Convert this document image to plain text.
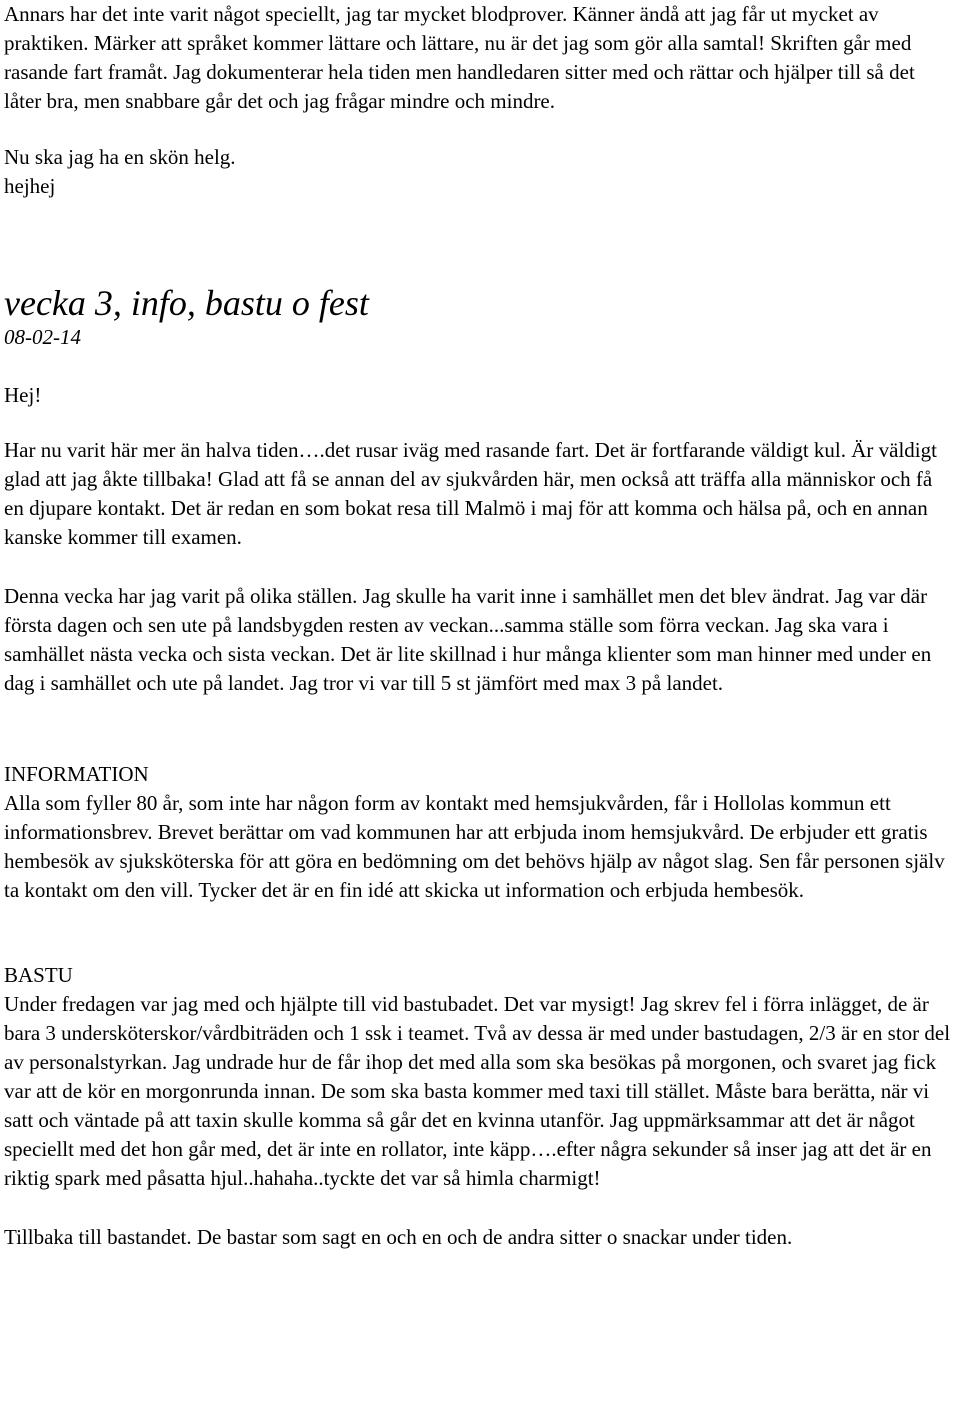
Annars har det inte varit något speciellt, jag tar mycket blodprover. Känner ändå att jag får ut mycket av praktiken. Märker att språket kommer lättare och lättare, nu är det jag som gör alla samtal! Skriften går med rasande fart framåt. Jag dokumenterar hela tiden men handledaren sitter med och rättar och hjälper till så det låter bra, men snabbare går det och jag frågar mindre och mindre.

Nu ska jag ha en skön helg.

hejhej

vecka 3, info, bastu o fest

08-02-14

Hej!

Har nu varit här mer än halva tiden….det rusar iväg med rasande fart. Det är fortfarande väldigt kul. Är väldigt glad att jag åkte tillbaka! Glad att få se annan del av sjukvården här, men också att träffa alla människor och få en djupare kontakt. Det är redan en som bokat resa till Malmö i maj för att komma och hälsa på, och en annan kanske kommer till examen.

Denna vecka har jag varit på olika ställen. Jag skulle ha varit inne i samhället men det blev ändrat. Jag var där första dagen och sen ute på landsbygden resten av veckan...samma ställe som förra veckan. Jag ska vara i samhället nästa vecka och sista veckan. Det är lite skillnad i hur många klienter som man hinner med under en dag i samhället och ute på landet. Jag tror vi var till 5 st jämfört med max 3 på landet.

INFORMATION

Alla som fyller 80 år, som inte har någon form av kontakt med hemsjukvården, får i Hollolas kommun ett informationsbrev. Brevet berättar om vad kommunen har att erbjuda inom hemsjukvård. De erbjuder ett gratis hembesök av sjuksköterska för att göra en bedömning om det behövs hjälp av något slag. Sen får personen själv ta kontakt om den vill. Tycker det är en fin idé att skicka ut information och erbjuda hembesök.

BASTU

Under fredagen var jag med och hjälpte till vid bastubadet. Det var mysigt! Jag skrev fel i förra inlägget, de är bara 3 undersköterskor/vårdbiträden och 1 ssk i teamet. Två av dessa är med under bastudagen, 2/3 är en stor del av personalstyrkan. Jag undrade hur de får ihop det med alla som ska besökas på morgonen, och svaret jag fick var att de kör en morgonrunda innan. De som ska basta kommer med taxi till stället. Måste bara berätta, när vi satt och väntade på att taxin skulle komma så går det en kvinna utanför. Jag uppmärksammar att det är något speciellt med det hon går med, det är inte en rollator, inte käpp….efter några sekunder så inser jag att det är en riktig spark med påsatta hjul..hahaha..tyckte det var så himla charmigt!

Tillbaka till bastandet. De bastar som sagt en och en och de andra sitter o snackar under tiden.
